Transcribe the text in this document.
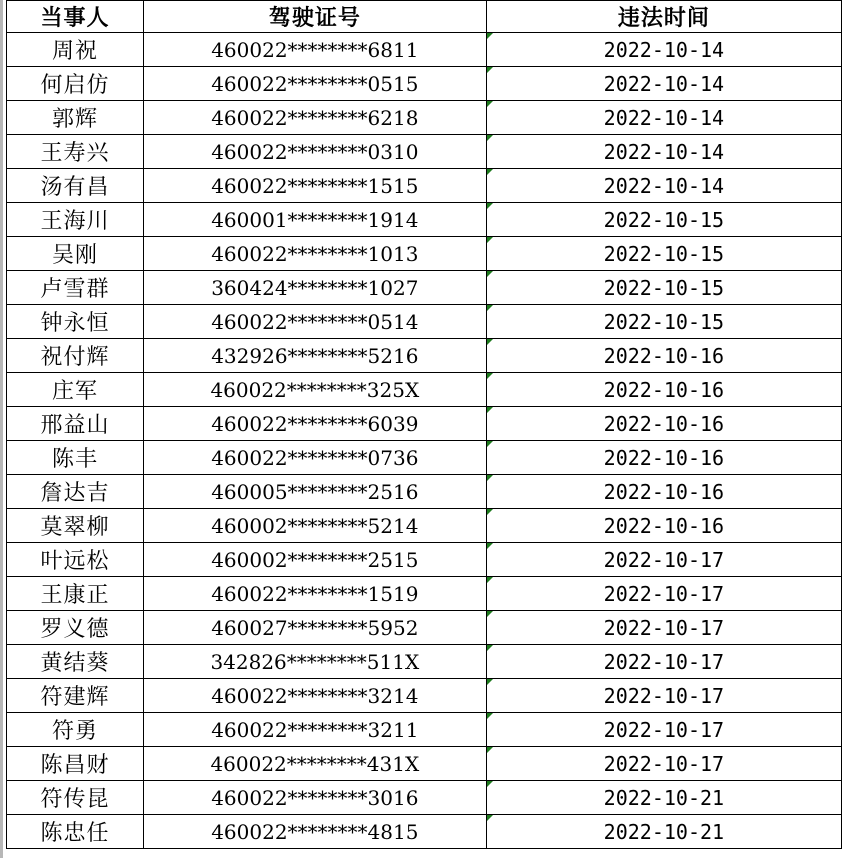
当事人	驾驶证号	违法时间
周祝	460022********6811	2022-10-14
何启仿	460022********0515	2022-10-14
郭辉	460022********6218	2022-10-14
王寿兴	460022********0310	2022-10-14
汤有昌	460022********1515	2022-10-14
王海川	460001********1914	2022-10-15
吴刚	460022********1013	2022-10-15
卢雪群	360424********1027	2022-10-15
钟永恒	460022********0514	2022-10-15
祝付辉	432926********5216	2022-10-16
庄军	460022********325X	2022-10-16
邢益山	460022********6039	2022-10-16
陈丰	460022********0736	2022-10-16
詹达吉	460005********2516	2022-10-16
莫翠柳	460002********5214	2022-10-16
叶远松	460002********2515	2022-10-17
王康正	460022********1519	2022-10-17
罗义德	460027********5952	2022-10-17
黄结葵	342826********511X	2022-10-17
符建辉	460022********3214	2022-10-17
符勇	460022********3211	2022-10-17
陈昌财	460022********431X	2022-10-17
符传昆	460022********3016	2022-10-21
陈忠任	460022********4815	2022-10-21
